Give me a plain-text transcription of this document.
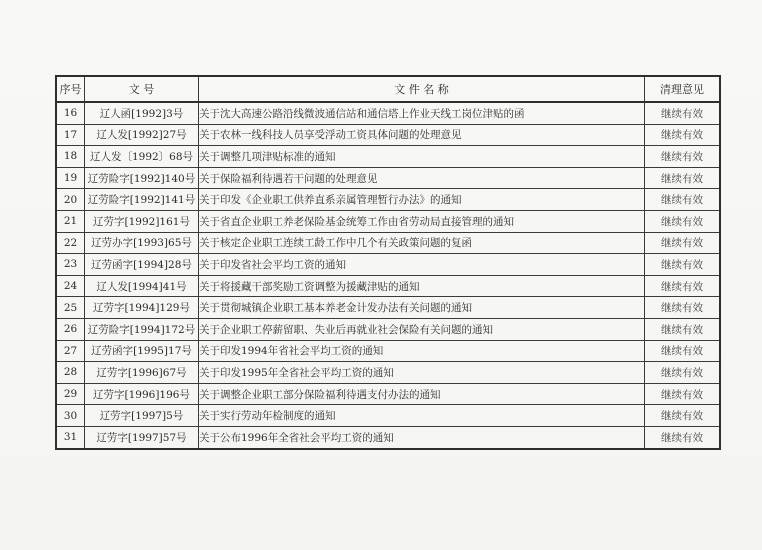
序号	文 号	文 件 名 称	清理意见
16	辽人函[1992]3号	关于沈大高速公路沿线微波通信站和通信塔上作业天线工岗位津贴的函	继续有效
17	辽人发[1992]27号	关于农林一线科技人员享受浮动工资具体问题的处理意见	继续有效
18	辽人发〔1992〕68号	关于调整几项津贴标准的通知	继续有效
19	辽劳险字[1992]140号	关于保险福利待遇若干问题的处理意见	继续有效
20	辽劳险字[1992]141号	关于印发《企业职工供养直系亲属管理暂行办法》的通知	继续有效
21	辽劳字[1992]161号	关于省直企业职工养老保险基金统筹工作由省劳动局直接管理的通知	继续有效
22	辽劳办字[1993]65号	关于核定企业职工连续工龄工作中几个有关政策问题的复函	继续有效
23	辽劳函字[1994]28号	关于印发省社会平均工资的通知	继续有效
24	辽人发[1994]41号	关于将援藏干部奖励工资调整为援藏津贴的通知	继续有效
25	辽劳字[1994]129号	关于贯彻城镇企业职工基本养老金计发办法有关问题的通知	继续有效
26	辽劳险字[1994]172号	关于企业职工停薪留职、失业后再就业社会保险有关问题的通知	继续有效
27	辽劳函字[1995]17号	关于印发1994年省社会平均工资的通知	继续有效
28	辽劳字[1996]67号	关于印发1995年全省社会平均工资的通知	继续有效
29	辽劳字[1996]196号	关于调整企业职工部分保险福利待遇支付办法的通知	继续有效
30	辽劳字[1997]5号	关于实行劳动年检制度的通知	继续有效
31	辽劳字[1997]57号	关于公布1996年全省社会平均工资的通知	继续有效
